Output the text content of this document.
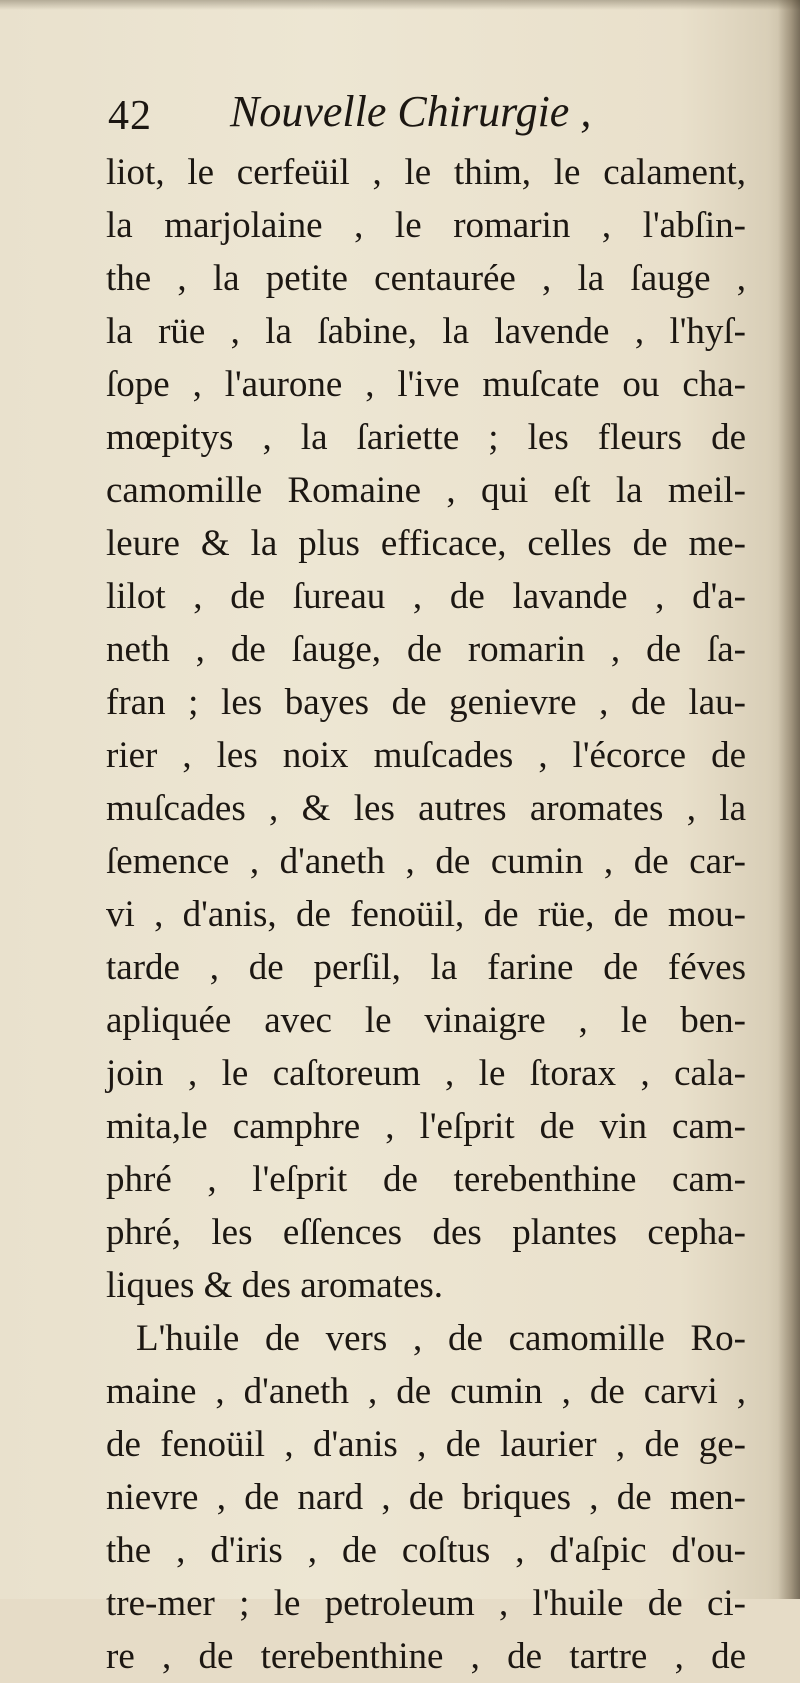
42 Nouvelle Chirurgie ,
liot, le cerfeüil , le thim, le calament,
la marjolaine , le romarin , l'abſin-
the , la petite centaurée , la ſauge ,
la rüe , la ſabine, la lavende , l'hyſ-
ſope , l'aurone , l'ive muſcate ou cha-
mœpitys , la ſariette ; les fleurs de
camomille Romaine , qui eſt la meil-
leure & la plus efficace, celles de me-
lilot , de ſureau , de lavande , d'a-
neth , de ſauge, de romarin , de ſa-
fran ; les bayes de genievre , de lau-
rier , les noix muſcades , l'écorce de
muſcades , & les autres aromates , la
ſemence , d'aneth , de cumin , de car-
vi , d'anis, de fenoüil, de rüe, de mou-
tarde , de perſil, la farine de féves
apliquée avec le vinaigre , le ben-
join , le caſtoreum , le ſtorax , cala-
mita,le camphre , l'eſprit de vin cam-
phré , l'eſprit de terebenthine cam-
phré, les eſſences des plantes cepha-
liques & des aromates.
L'huile de vers , de camomille Ro-
maine , d'aneth , de cumin , de carvi ,
de fenoüil , d'anis , de laurier , de ge-
nievre , de nard , de briques , de men-
the , d'iris , de coſtus , d'aſpic d'ou-
tre-mer ; le petroleum , l'huile de ci-
re , de terebenthine , de tartre , de
